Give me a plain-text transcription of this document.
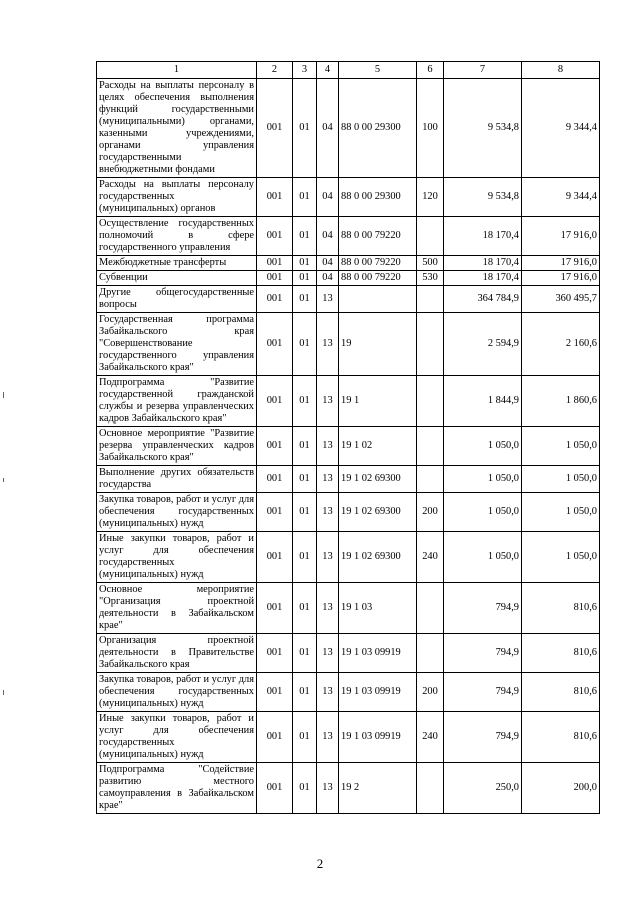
1	2	3	4	5	6	7	8
Расходы на выплаты персоналу в целях обеспечения выполнения функций государственными (муниципальными) органами, казенными учреждениями, органами управления государственными внебюджетными фондами	001	01	04	88 0 00 29300	100	9 534,8	9 344,4
Расходы на выплаты персоналу государственных (муниципальных) органов	001	01	04	88 0 00 29300	120	9 534,8	9 344,4
Осуществление государственных полномочий в сфере государственного управления	001	01	04	88 0 00 79220		18 170,4	17 916,0
Межбюджетные трансферты	001	01	04	88 0 00 79220	500	18 170,4	17 916,0
Субвенции	001	01	04	88 0 00 79220	530	18 170,4	17 916,0
Другие общегосударственные вопросы	001	01	13			364 784,9	360 495,7
Государственная программа Забайкальского края "Совершенствование государственного управления Забайкальского края"	001	01	13	19		2 594,9	2 160,6
Подпрограмма "Развитие государственной гражданской службы и резерва управленческих кадров Забайкальского края"	001	01	13	19 1		1 844,9	1 860,6
Основное мероприятие "Развитие резерва управленческих кадров Забайкальского края"	001	01	13	19 1 02		1 050,0	1 050,0
Выполнение других обязательств государства	001	01	13	19 1 02 69300		1 050,0	1 050,0
Закупка товаров, работ и услуг для обеспечения государственных (муниципальных) нужд	001	01	13	19 1 02 69300	200	1 050,0	1 050,0
Иные закупки товаров, работ и услуг для обеспечения государственных (муниципальных) нужд	001	01	13	19 1 02 69300	240	1 050,0	1 050,0
Основное мероприятие "Организация проектной деятельности в Забайкальском крае"	001	01	13	19 1 03		794,9	810,6
Организация проектной деятельности в Правительстве Забайкальского края	001	01	13	19 1 03 09919		794,9	810,6
Закупка товаров, работ и услуг для обеспечения государственных (муниципальных) нужд	001	01	13	19 1 03 09919	200	794,9	810,6
Иные закупки товаров, работ и услуг для обеспечения государственных (муниципальных) нужд	001	01	13	19 1 03 09919	240	794,9	810,6
Подпрограмма "Содействие развитию местного самоуправления в Забайкальском крае"	001	01	13	19 2		250,0	200,0
2
